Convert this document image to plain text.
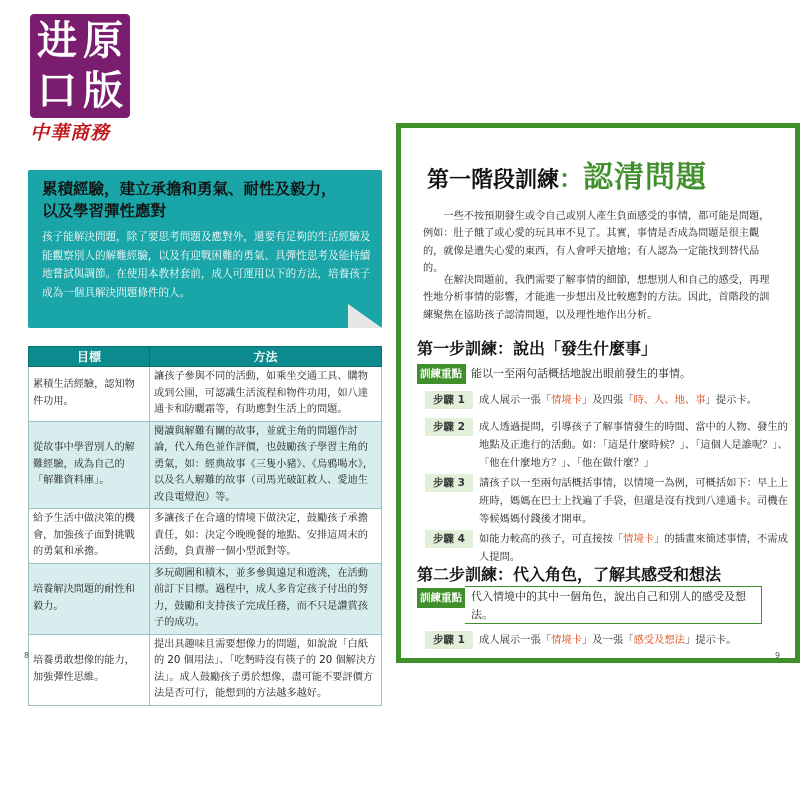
进 原
口 版
中華商務
累積經驗，建立承擔和勇氣、耐性及毅力，
以及學習彈性應對
孩子能解決問題，除了要思考問題及應對外，還要有足夠的生活經驗及能觀察別人的解難經驗，以及有迎戰困難的勇氣、具彈性思考及能持續地嘗試與調節。在使用本教材套前，成人可運用以下的方法，培養孩子成為一個具解決問題條件的人。
目標	方法
累積生活經驗，認知物件功用。	讓孩子參與不同的活動，如乘坐交通工具、購物或到公園，可認識生活流程和物件功用，如八達通卡和防曬霜等，有助應對生活上的問題。
從故事中學習別人的解難經驗，成為自己的「解難資料庫」。	閱讀與解難有關的故事，並就主角的問題作討論，代入角色並作評價，也鼓勵孩子學習主角的勇氣，如：經典故事《三隻小豬》、《烏鴉喝水》，以及名人解難的故事（司馬光破缸救人、愛迪生改良電燈泡）等。
給予生活中做決策的機會，加強孩子面對挑戰的勇氣和承擔。	多讓孩子在合適的情境下做決定，鼓勵孩子承擔責任，如：決定今晚晚餐的地點、安排這周末的活動，負責辦一個小型派對等。
培養解決問題的耐性和毅力。	多玩砌圖和積木，並多參與遠足和遊洮，在活動前訂下目標。過程中，成人多肯定孩子付出的努力，鼓勵和支持孩子完成任務，而不只是讚賞孩子的成功。
培養勇敢想像的能力，加強彈性思維。	提出具趣味且需要想像力的問題，如說說「白紙的 20 個用法」、「吃麪時沒有筷子的 20 個解決方法」。成人鼓勵孩子勇於想像，盡可能不要評價方法是否可行，能想到的方法越多越好。
8
第一階段訓練：認清問題
一些不按預期發生或令自己或別人產生負面感受的事情，都可能是問題，例如：肚子餓了或心愛的玩具車不見了。其實，事情是否成為問題是很主觀的，就像是遺失心愛的東西，有人會呼天搶地；有人認為一定能找到替代品的。
在解決問題前，我們需要了解事情的細節，想想別人和自己的感受，再理性地分析事情的影響，才能進一步想出及比較應對的方法。因此，首階段的訓練聚焦在協助孩子認清問題，以及理性地作出分析。
第一步訓練：說出「發生什麼事」
訓練重點 能以一至兩句話概括地說出眼前發生的事情。
步驟 1	成人展示一張「情境卡」及四張「時、人、地、事」提示卡。
步驟 2	成人透過提問，引導孩子了解事情發生的時間、當中的人物、發生的地點及正進行的活動。如：「這是什麼時候？」、「這個人是誰呢？」、「他在什麼地方？」、「他在做什麼？」
步驟 3	請孩子以一至兩句話概括事情，以情境一為例，可概括如下：早上上班時，媽媽在巴士上找遍了手袋，但還是沒有找到八達通卡。司機在等候媽媽付錢後才開車。
步驟 4	如能力較高的孩子，可直接按「情境卡」的插畫來簡述事情，不需成人提問。
第二步訓練：代入角色，了解其感受和想法
訓練重點 代入情境中的其中一個角色，說出自己和別人的感受及想法。
步驟 1	成人展示一張「情境卡」及一張「感受及想法」提示卡。
9
